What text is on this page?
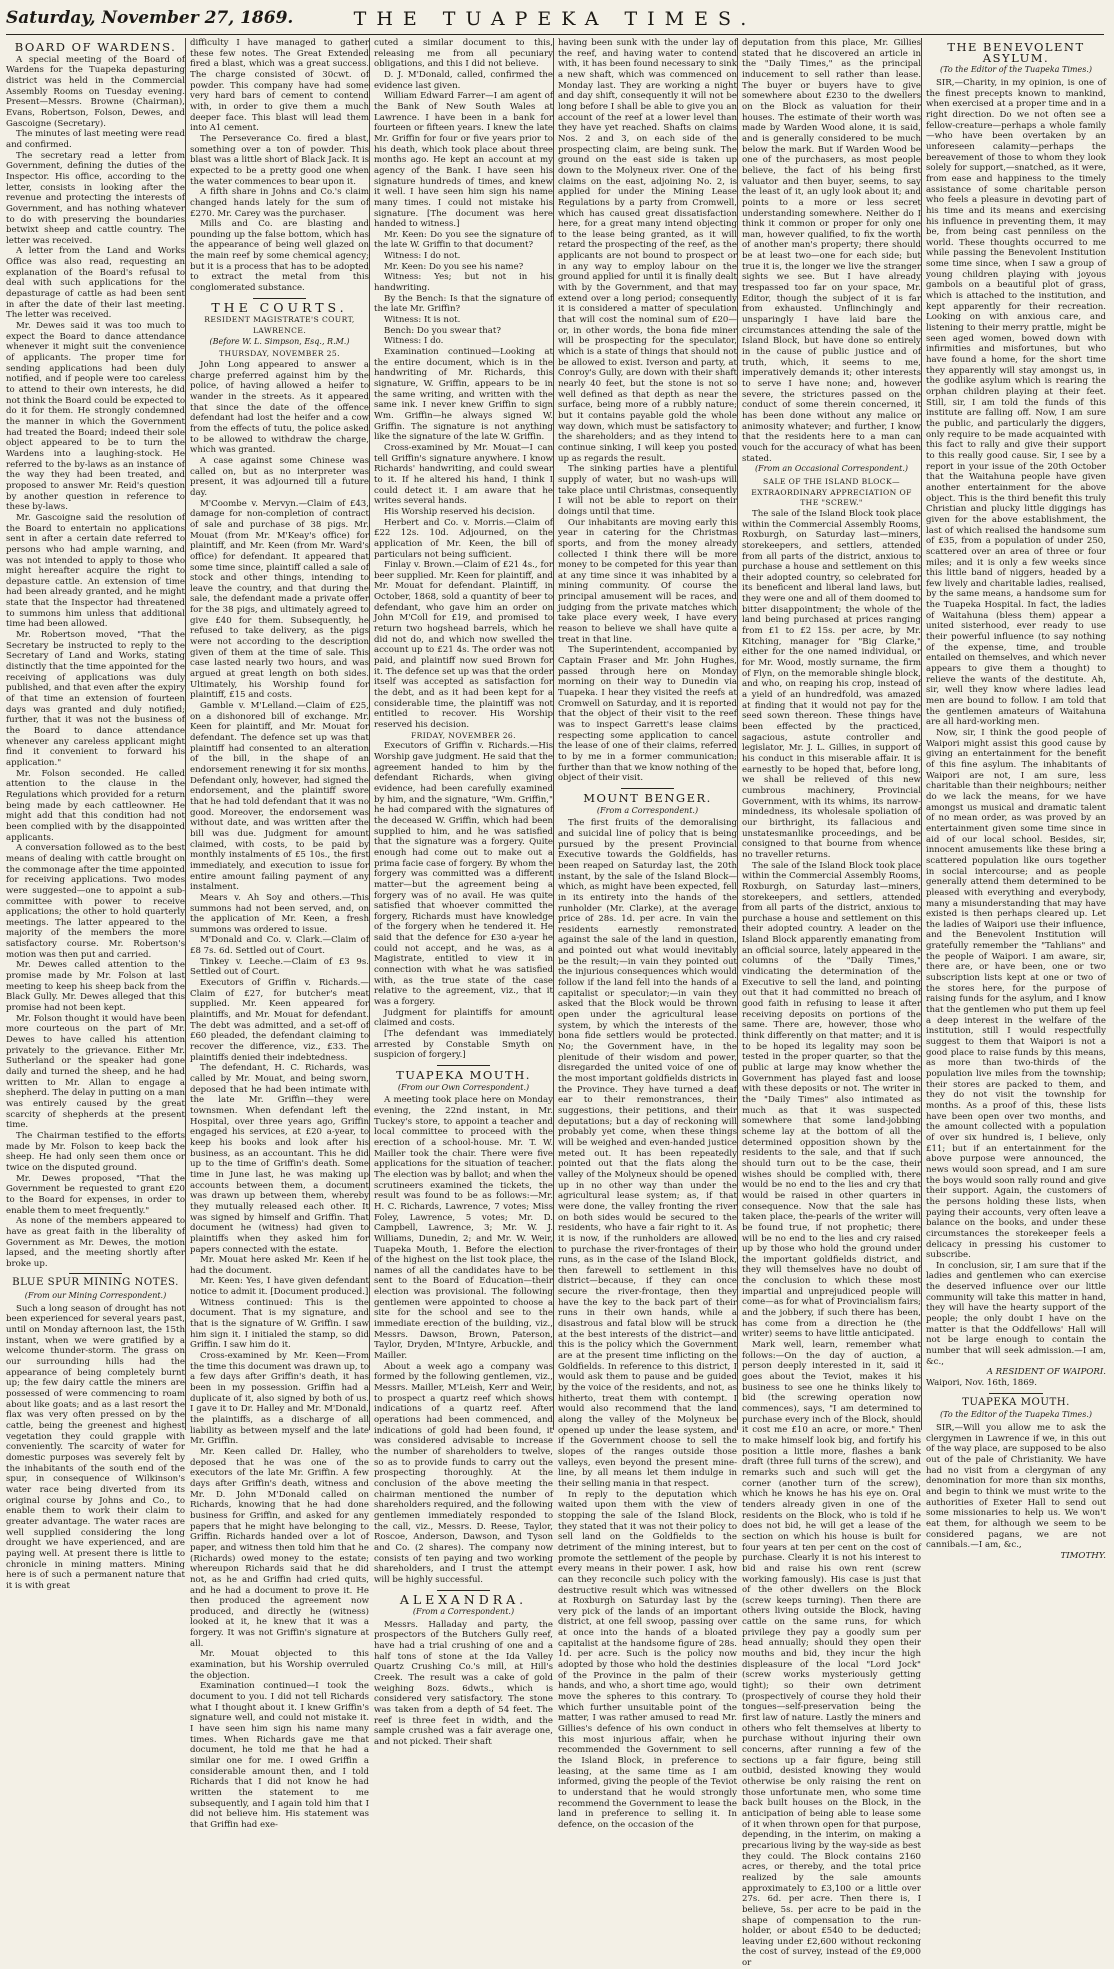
Saturday, November 27, 1869.	THE TUAPEKA TIMES.
BOARD OF WARDENS.

A special meeting of the Board of Wardens for the Tuapeka depasturing district was held in the Commercial Assembly Rooms on Tuesday evening. Present—Messrs. Browne (Chairman), Evans, Robertson, Folson, Dewes, and Gascoigne (Secretary).

The minutes of last meeting were read and confirmed.

The secretary read a letter from Government, defining the duties of the Inspector. His office, according to the letter, consists in looking after the revenue and protecting the interests of Government, and has nothing whatever to do with preserving the boundaries betwixt sheep and cattle country. The letter was received.

A letter from the Land and Works Office was also read, requesting an explanation of the Board's refusal to deal with such applications for the depasturage of cattle as had been sent in after the date of their last meeting. The letter was received.

Mr. Dewes said it was too much to expect the Board to dance attendance whenever it might suit the convenience of applicants. The proper time for sending applications had been duly notified, and if people were too careless to attend to their own interests, he did not think the Board could be expected to do it for them. He strongly condemned the manner in which the Government had treated the Board; indeed their sole object appeared to be to turn the Wardens into a laughing-stock. He referred to the by-laws as an instance of the way they had been treated, and proposed to answer Mr. Reid's question by another question in reference to these by-laws.

Mr. Gascoigne said the resolution of the Board to entertain no applications sent in after a certain date referred to persons who had ample warning, and was not intended to apply to those who might hereafter acquire the right to depasture cattle. An extension of time had been already granted, and he might state that the Inspector had threatened to summons him unless that additional time had been allowed.

Mr. Robertson moved, "That the Secretary be instructed to reply to the Secretary of Land and Works, stating distinctly that the time appointed for the receiving of applications was duly published, and that even after the expiry of that time an extension of fourteen days was granted and duly notified; further, that it was not the business of the Board to dance attendance whenever any careless applicant might find it convenient to forward his application."

Mr. Folson seconded. He called attention to the clause in the Regulations which provided for a return being made by each cattleowner. He might add that this condition had not been complied with by the disappointed applicants.

A conversation followed as to the best means of dealing with cattle brought on the commonage after the time appointed for receiving applications. Two modes were suggested—one to appoint a sub-committee with power to receive applications; the other to hold quarterly meetings. The latter appeared to the majority of the members the more satisfactory course. Mr. Robertson's motion was then put and carried.

Mr. Dewes called attention to the promise made by Mr. Folson at last meeting to keep his sheep back from the Black Gully. Mr. Dewes alleged that this promise had not been kept.

Mr. Folson thought it would have been more courteous on the part of Mr. Dewes to have called his attention privately to the grievance. Either Mr. Sutherland or the speaker had gone daily and turned the sheep, and he had written to Mr. Allan to engage a shepherd. The delay in putting on a man was entirely caused by the great scarcity of shepherds at the present time.

The Chairman testified to the efforts made by Mr. Folson to keep back the sheep. He had only seen them once or twice on the disputed ground.

Mr. Dewes proposed, "That the Government be requested to grant £20 to the Board for expenses, in order to enable them to meet frequently."

As none of the members appeared to have as great faith in the liberality of Government as Mr. Dewes, the motion lapsed, and the meeting shortly after broke up.

BLUE SPUR MINING NOTES.
(From our Mining Correspondent.)

Such a long season of drought has not been experienced for several years past, until on Monday afternoon last, the 15th instant, when we were gratified by a welcome thunder-storm. The grass on our surrounding hills had the appearance of being completely burnt up; the few dairy cattle the miners are possessed of were commencing to roam about like goats; and as a last resort the flax was very often pressed on by the cattle, being the greenest and highest vegetation they could grapple with conveniently. The scarcity of water for domestic purposes was severely felt by the inhabitants of the south end of the spur, in consequence of Wilkinson's water race being diverted from its original course by Johns and Co., to enable them to work their claim to greater advantage. The water races are well supplied considering the long drought we have experienced, and are paying well. At present there is little to chronicle in mining matters. Mining here is of such a permanent nature that it is with great

difficulty I have managed to gather these few notes. The Great Extended fired a blast, which was a great success. The charge consisted of 30cwt. of powder. This company have had some very hard bars of cement to contend with, in order to give them a much deeper face. This blast will lead them into A1 cement.

The Perseverance Co. fired a blast, something over a ton of powder. This blast was a little short of Black Jack. It is expected to be a pretty good one when the water commences to bear upon it.

A fifth share in Johns and Co.'s claim changed hands lately for the sum of £270. Mr. Carey was the purchaser.

Mills and Co. are blasting and pounding up the false bottom, which has the appearance of being well glazed on the main reef by some chemical agency; but it is a process that has to be adopted to extract the metal from this conglomerated substance.

THE COURTS.
RESIDENT MAGISTRATE'S COURT, LAWRENCE.
(Before W. L. Simpson, Esq., R.M.)
THURSDAY, NOVEMBER 25.

John Long appeared to answer a charge preferred against him by the police, of having allowed a heifer to wander in the streets. As it appeared that since the date of the offence defendant had lost the heifer and a cow from the effects of tutu, the police asked to be allowed to withdraw the charge, which was granted.

A case against some Chinese was called on, but as no interpreter was present, it was adjourned till a future day.

M'Coombe v. Mervyn.—Claim of £43, damage for non-completion of contract of sale and purchase of 38 pigs. Mr. Mouat (from Mr. M'Keay's office) for plaintiff, and Mr. Keen (from Mr. Ward's office) for defendant. It appeared that some time since, plaintiff called a sale of stock and other things, intending to leave the country, and that during the sale, the defendant made a private offer for the 38 pigs, and ultimately agreed to give £40 for them. Subsequently, he refused to take delivery, as the pigs were not according to the description given of them at the time of sale. This case lasted nearly two hours, and was argued at great length on both sides. Ultimately, his Worship found for plaintiff, £15 and costs.

Gamble v. M'Lelland.—Claim of £25, on a dishonored bill of exchange. Mr. Keen for plaintiff, and Mr. Mouat for defendant. The defence set up was that plaintiff had consented to an alteration of the bill, in the shape of an endorsement renewing it for six months. Defendant only, however, had signed the endorsement, and the plaintiff swore that he had told defendant that it was no good. Moreover, the endorsement was without date, and was written after the bill was due. Judgment for amount claimed, with costs, to be paid by monthly instalments of £5 10s., the first immediately, and execution to issue for entire amount failing payment of any instalment.

Mears v. Ah Soy and others.—This summons had not been served, and, on the application of Mr. Keen, a fresh summons was ordered to issue.

M'Donald and Co. v. Clark.—Claim of £8 7s. 6d. Settled out of Court.

Tinkey v. Leeche.—Claim of £3 9s. Settled out of Court.

Executors of Griffin v. Richards.—Claim of £27, for butcher's meat supplied. Mr. Keen appeared for plaintiffs, and Mr. Mouat for defendant. The debt was admitted, and a set-off of £60 pleaded, the defendant claiming to recover the difference, viz., £33. The plaintiffs denied their indebtedness.

The defendant, H. C. Richards, was called by Mr. Mouat, and being sworn, deposed that he had been intimate with the late Mr. Griffin—they were townsmen. When defendant left the Hospital, over three years ago, Griffin engaged his services, at £20 a-year, to keep his books and look after his business, as an accountant. This he did up to the time of Griffin's death. Some time in June last, he was making up accounts between them, a document was drawn up between them, whereby they mutually released each other. It was signed by himself and Griffin. That document he (witness) had given to plaintiffs when they asked him for papers connected with the estate.

Mr. Mouat here asked Mr. Keen if he had the document.

Mr. Keen: Yes, I have given defendant notice to admit it. [Document produced.]

Witness continued: This is the document. That is my signature, and that is the signature of W. Griffin. I saw him sign it. I initialed the stamp, so did Griffin. I saw him do it.

Cross-examined by Mr. Keen—From the time this document was drawn up, to a few days after Griffin's death, it has been in my possession. Griffin had a duplicate of it, also signed by both of us. I gave it to Dr. Halley and Mr. M'Donald, the plaintiffs, as a discharge of all liability as between myself and the late Mr. Griffin.

Mr. Keen called Dr. Halley, who deposed that he was one of the executors of the late Mr. Griffin. A few days after Griffin's death, witness and Mr. D. John M'Donald called on Richards, knowing that he had done business for Griffin, and asked for any papers that he might have belonging to Griffin. Richards handed over a lot of paper, and witness then told him that he (Richards) owed money to the estate; whereupon Richards said that he did not, as he and Griffin had cried quits, and he had a document to prove it. He then produced the agreement now produced, and directly he (witness) looked at it, he knew that it was a forgery. It was not Griffin's signature at all.

Mr. Mouat objected to this examination, but his Worship overruled the objection.

Examination continued—I took the document to you. I did not tell Richards what I thought about it. I knew Griffin's signature well, and could not mistake it. I have seen him sign his name many times. When Richards gave me that document, he told me that he had a similar one for me. I owed Griffin a considerable amount then, and I told Richards that I did not know he had written the statement to me subsequently, and I again told him that I did not believe him. His statement was that Griffin had exe-

cuted a similar document to this, releasing me from all pecuniary obligations, and this I did not believe.

D. J. M'Donald, called, confirmed the evidence last given.

William Edward Farrer—I am agent of the Bank of New South Wales at Lawrence. I have been in a bank for fourteen or fifteen years. I knew the late Mr. Griffin for four or five years prior to his death, which took place about three months ago. He kept an account at my agency of the Bank. I have seen his signature hundreds of times, and knew it well. I have seen him sign his name many times. I could not mistake his signature. [The document was here handed to witness.]

Mr. Keen: Do you see the signature of the late W. Griffin to that document?

Witness: I do not.

Mr. Keen: Do you see his name?

Witness: Yes; but not in his handwriting.

By the Bench: Is that the signature of the late Mr. Griffin?

Witness: It is not.

Bench: Do you swear that?

Witness: I do.

Examination continued—Looking at the entire document, which is in the handwriting of Mr. Richards, this signature, W. Griffin, appears to be in the same writing, and written with the same ink. I never knew Griffin to sign Wm. Griffin—he always signed W. Griffin. The signature is not anything like the signature of the late W. Griffin.

Cross-examined by Mr. Mouat—I can tell Griffin's signature anywhere. I know Richards' handwriting, and could swear to it. If he altered his hand, I think I could detect it. I am aware that he writes several hands.

His Worship reserved his decision.

Herbert and Co. v. Morris.—Claim of £22 12s. 10d. Adjourned, on the application of Mr. Keen, the bill of particulars not being sufficient.

Finlay v. Brown.—Claim of £21 4s., for beer supplied. Mr. Keen for plaintiff, and Mr. Mouat for defendant. Plaintiff, in October, 1868, sold a quantity of beer to defendant, who gave him an order on John M'Coll for £19, and promised to return two hogshead barrels, which he did not do, and which now swelled the account up to £21 4s. The order was not paid, and plaintiff now sued Brown for it. The defence set up was that the order itself was accepted as satisfaction for the debt, and as it had been kept for a considerable time, the plaintiff was not entitled to recover. His Worship reserved his decision.

FRIDAY, NOVEMBER 26.

Executors of Griffin v. Richards.—His Worship gave judgment. He said that the agreement handed to him by the defendant Richards, when giving evidence, had been carefully examined by him, and the signature, "Wm. Griffin," he had compared with the signatures of the deceased W. Griffin, which had been supplied to him, and he was satisfied that the signature was a forgery. Quite enough had come out to make out a prima facie case of forgery. By whom the forgery was committed was a different matter—but the agreement being a forgery was of no avail. He was quite satisfied that whoever committed the forgery, Richards must have knowledge of the forgery when he tendered it. He said that the defence for £30 a-year he could not accept, and he was, as a Magistrate, entitled to view it in connection with what he was satisfied with, as the true state of the case relative to the agreement, viz., that it was a forgery.

Judgment for plaintiffs for amount claimed and costs.

[The defendant was immediately arrested by Constable Smyth on suspicion of forgery.]

TUAPEKA MOUTH.
(From our Own Correspondent.)

A meeting took place here on Monday evening, the 22nd instant, in Mr. Tuckey's store, to appoint a teacher and local committee to proceed with the erection of a school-house. Mr. T. W. Mailler took the chair. There were five applications for the situation of teacher. The election was by ballot; and when the scrutineers examined the tickets, the result was found to be as follows:—Mr. H. C. Richards, Lawrence, 7 votes; Miss Foley, Lawrence, 5 votes; Mr. D. Campbell, Lawrence, 3; Mr. W. J. Williams, Dunedin, 2; and Mr. W. Weir, Tuapeka Mouth, 1. Before the election of the highest on the list took place, the names of all the candidates have to be sent to the Board of Education—their election was provisional. The following gentlemen were appointed to choose a site for the school and see to the immediate erection of the building, viz., Messrs. Dawson, Brown, Paterson, Taylor, Dryden, M'Intyre, Arbuckle, and Mailler.

About a week ago a company was formed by the following gentlemen, viz., Messrs. Mailler, M'Leish, Kerr and Weir, to prospect a quartz reef which shows indications of a quartz reef. After operations had been commenced, and indications of gold had been found, it was considered advisable to increase the number of shareholders to twelve, so as to provide funds to carry out the prospecting thoroughly. At the conclusion of the above meeting the chairman mentioned the number of shareholders required, and the following gentlemen immediately responded to the call, viz., Messrs. D. Reese, Taylor, Roscoe, Anderson, Dawson, and Tyson and Co. (2 shares). The company now consists of ten paying and two working shareholders, and I trust the attempt will be highly successful.

ALEXANDRA.
(From a Correspondent.)

Messrs. Halladay and party, the prospectors of the Butchers Gully reef, have had a trial crushing of one and a half tons of stone at the Ida Valley Quartz Crushing Co.'s mill, at Hill's Creek. The result was a cake of gold weighing 8ozs. 6dwts., which is considered very satisfactory. The stone was taken from a depth of 54 feet. The reef is three feet in width, and the sample crushed was a fair average one, and not picked. Their shaft

having been sunk with the under lay of the reef, and having water to contend with, it has been found necessary to sink a new shaft, which was commenced on Monday last. They are working a night and day shift, consequently it will not be long before I shall be able to give you an account of the reef at a lower level than they have yet reached. Shafts on claims Nos. 2 and 3, on each side of the prospecting claim, are being sunk. The ground on the east side is taken up down to the Molyneux river. One of the claims on the east, adjoining No. 2, is applied for under the Mining Lease Regulations by a party from Cromwell, which has caused great dissatisfaction here, for a great many intend objecting to the lease being granted, as it will retard the prospecting of the reef, as the applicants are not bound to prospect or in any way to employ labour on the ground applied for until it is finally dealt with by the Government, and that may extend over a long period; consequently it is considered a matter of speculation that will cost the nominal sum of £20—or, in other words, the bona fide miner will be prospecting for the speculator, which is a state of things that should not be allowed to exist. Iverson and party, at Conroy's Gully, are down with their shaft nearly 40 feet, but the stone is not so well defined as that depth as near the surface, being more of a rubbly nature; but it contains payable gold the whole way down, which must be satisfactory to the shareholders; and as they intend to continue sinking, I will keep you posted up as regards the result.

The sinking parties have a plentiful supply of water, but no wash-ups will take place until Christmas, consequently I will not be able to report on their doings until that time.

Our inhabitants are moving early this year in catering for the Christmas sports, and from the money already collected I think there will be more money to be competed for this year than at any time since it was inhabited by a mining community. Of course the principal amusement will be races, and judging from the private matches which take place every week, I have every reason to believe we shall have quite a treat in that line.

The Superintendent, accompanied by Captain Fraser and Mr. John Hughes, passed through here on Monday morning on their way to Dunedin via Tuapeka. I hear they visited the reefs at Cromwell on Saturday, and it is reported that the object of their visit to the reef was to inspect Garrett's lease claims respecting some application to cancel the lease of one of their claims, referred to by me in a former communication; further than that we know nothing of the object of their visit.

MOUNT BENGER.
(From a Correspondent.)

The first fruits of the demoralising and suicidal line of policy that is being pursued by the present Provincial Executive towards the Goldfields, has been reaped on Saturday last, the 20th instant, by the sale of the Island Block—which, as might have been expected, fell in its entirety into the hands of the runholder (Mr. Clarke), at the average price of 28s. 1d. per acre. In vain the residents earnestly remonstrated against the sale of the land in question, and pointed out what would inevitably be the result;—in vain they pointed out the injurious consequences which would follow if the land fell into the hands of a capitalist or speculator;—in vain they asked that the Block would be thrown open under the agricultural lease system, by which the interests of the bona fide settlers would be protected. No; the Government have, in the plenitude of their wisdom and power, disregarded the united voice of one of the most important goldfields districts in the Province. They have turned a deaf ear to their remonstrances, their suggestions, their petitions, and their deputations; but a day of reckoning will probably yet come, when these things will be weighed and even-handed justice meted out. It has been repeatedly pointed out that the flats along the valley of the Molyneux should be opened up in no other way than under the agricultural lease system; as, if that were done, the valley fronting the river on both sides would be secured to the residents, who have a fair right to it. As it is now, if the runholders are allowed to purchase the river-frontages of their runs, as in the case of the Island Block, then farewell to settlement in this district—because, if they can once secure the river-frontage, then they have the key to the back part of their runs in their own hands, while a disastrous and fatal blow will be struck at the best interests of the district—and this is the policy which the Government are at the present time inflicting on the Goldfields. In reference to this district, I would ask them to pause and be guided by the voice of the residents, and not, as hitherto, treat them with contempt. I would also recommend that the land along the valley of the Molyneux be opened up under the lease system, and if the Government choose to sell the slopes of the ranges outside those valleys, even beyond the present mine-line, by all means let them indulge in their selling mania in that respect.

In reply to the deputation which waited upon them with the view of stopping the sale of the Island Block, they stated that it was not their policy to sell land on the Goldfields to the detriment of the mining interest, but to promote the settlement of the people by every means in their power. I ask, how can they reconcile such policy with the destructive result which was witnessed at Roxburgh on Saturday last by the very pick of the lands of an important district, at one fell swoop, passing over at once into the hands of a bloated capitalist at the handsome figure of 28s. 1d. per acre. Such is the policy now adopted by those who hold the destinies of the Province in the palm of their hands, and who, a short time ago, would move the spheres to this contrary. To which further unsuitable point of the matter, I was rather amused to read Mr. Gillies's defence of his own conduct in this most injurious affair, when he recommended the Government to sell the Island Block, in preference to leasing, at the same time as I am informed, giving the people of the Teviot to understand that he would strongly recommend the Government to lease the land in preference to selling it. In defence, on the occasion of the

deputation from this place, Mr. Gillies stated that he discovered an article in the "Daily Times," as the principal inducement to sell rather than lease. The buyer or buyers have to give somewhere about £230 to the dwellers on the Block as valuation for their houses. The estimate of their worth was made by Warden Wood alone, it is said, and is generally considered to be much below the mark. But if Warden Wood be one of the purchasers, as most people believe, the fact of his being first valuator and then buyer, seems, to say the least of it, an ugly look about it; and points to a more or less secret understanding somewhere. Neither do I think it common or proper for only one man, however qualified, to fix the worth of another man's property; there should be at least two—one for each side; but true it is, the longer we live the stranger sights we see. But I have already trespassed too far on your space, Mr. Editor, though the subject of it is far from exhausted. Unflinchingly and unsparingly I have laid bare the circumstances attending the sale of the Island Block, but have done so entirely in the cause of public justice and of truth, which, it seems to me, imperatively demands it; other interests to serve I have none; and, however severe, the strictures passed on the conduct of some therein concerned, it has been done without any malice or animosity whatever; and further, I know that the residents here to a man can vouch for the accuracy of what has been stated.

(From an Occasional Correspondent.)
SALE OF THE ISLAND BLOCK—EXTRAORDINARY APPRECIATION OF THE "SCREW."

The sale of the Island Block took place within the Commercial Assembly Rooms, Roxburgh, on Saturday last—miners, storekeepers, and settlers, attended from all parts of the district, anxious to purchase a house and settlement on this their adopted country, so celebrated for its beneficent and liberal land laws, but they were one and all of them doomed to bitter disappointment; the whole of the land being purchased at prices ranging from £1 to £2 15s. per acre, by Mr. Kitching, manager for "Big Clarke," either for the one named individual, or for Mr. Wood, mostly surname, the firm of Flyn, on the memorable shingle block, and who, on reaping his crop, instead of a yield of an hundredfold, was amazed at finding that it would not pay for the seed sown thereon. These things have been effected by the practiced, sagacious, astute controller and legislator, Mr. J. L. Gillies, in support of his conduct in this miserable affair. It is earnestly to be hoped that, before long, we shall be relieved of this new cumbrous machinery, Provincial Government, with its whims, its narrow-mindedness, its wholesale spoliation of our birthright, its fallacious and unstatesmanlike proceedings, and be consigned to that bourne from whence no traveller returns.

The sale of the Island Block took place within the Commercial Assembly Rooms, Roxburgh, on Saturday last—miners, storekeepers, and settlers, attended from all parts of the district, anxious to purchase a house and settlement on this their adopted country. A leader on the Island Block apparently emanating from an official source, lately appeared in the columns of the "Daily Times," vindicating the determination of the Executive to sell the land, and pointing out that it had committed no breach of good faith in refusing to lease it after receiving deposits on portions of the same. There are, however, those who think differently on that matter; and it is to be hoped its legality may soon be tested in the proper quarter, so that the public at large may know whether the Government has played fast and loose with these deposits or not. The writer in the "Daily Times" also intimated as much as that it was suspected somewhere that some land-jobbing scheme lay at the bottom of all the determined opposition shown by the residents to the sale, and that if such should turn out to be the case, their wishes should be complied with, there would be no end to the lies and cry that would be raised in other quarters in consequence. Now that the sale has taken place, the-pearls of the writer will be found true, if not prophetic; there will be no end to the lies and cry raised up by those who hold the ground under the important goldfields district, and they will themselves have no doubt of the conclusion to which these most impartial and unprejudiced people will come—as for what of Provincialism fairs; and the jobbery, if such there has been, has come from a direction he (the writer) seems to have little anticipated.

Mark well, learn, remember what follows:—On the day of auction, a person deeply interested in it, said it goes about the Teviot, makes it his business to see one he thinks likely to bid (the screwing operation now commences), says, "I am determined to purchase every inch of the Block, should it cost me £10 an acre, or more." Then to make himself look big, and fortify his position a little more, flashes a bank draft (three full turns of the screw), and remarks such and such will get the corner (another turn of the screw), which he knows he has his eye on. Oral tenders already given in one of the residents on the Block, who is told if he does not bid, he will get a lease of the section on which his house is built for four years at ten per cent on the cost of purchase. Clearly it is not his interest to bid and raise his own rent (screw working famously). His case is just that of the other dwellers on the Block (screw keeps turning). Then there are others living outside the Block, having cattle on the same runs, for which privilege they pay a goodly sum per head annually; should they open their mouths and bid, they incur the high displeasure of the local "Lord Jock" (screw works mysteriously getting tight); so their own detriment (prospectively of course they hold their tongues—self-preservation being the first law of nature. Lastly the miners and others who felt themselves at liberty to purchase without injuring their own concerns, after running a few of the sections up a fair figure, being still outbid, desisted knowing they would otherwise be only raising the rent on those unfortunate men, who some time back built houses on the Block, in the anticipation of being able to lease some of it when thrown open for that purpose, depending, in the interim, on making a precarious living by the way-side as best they could. The Block contains 2160 acres, or thereby, and the total price realized by the sale amounts approximately to £3,100 or a little over 27s. 6d. per acre. Then there is, I believe, 5s. per acre to be paid in the shape of compensation to the run-holder, or about £540 to be deducted; leaving under £2,600 without reckoning the cost of survey, instead of the £9,000 or

THE BENEVOLENT ASYLUM.
(To the Editor of the Tuapeka Times.)

SIR,—Charity, in my opinion, is one of the finest precepts known to mankind, when exercised at a proper time and in a right direction. Do we not often see a fellow-creature—perhaps a whole family—who have been overtaken by an unforeseen calamity—perhaps the bereavement of those to whom they look solely for support,—snatched, as it were, from ease and happiness to the timely assistance of some charitable person who feels a pleasure in devoting part of his time and its means and exercising his influence in preventing them, it may be, from being cast penniless on the world. These thoughts occurred to me while passing the Benevolent Institution some time since, when I saw a group of young children playing with joyous gambols on a beautiful plot of grass, which is attached to the institution, and kept apparently for their recreation. Looking on with anxious care, and listening to their merry prattle, might be seen aged women, bowed down with infirmities and misfortunes, but who have found a home, for the short time they apparently will stay amongst us, in the godlike asylum which is rearing the orphan children playing at their feet. Still, sir, I am told the funds of this institute are falling off. Now, I am sure the public, and particularly the diggers, only require to be made acquainted with this fact to rally and give their support to this really good cause. Sir, I see by a report in your issue of the 20th October that the Waitahuna people have given another entertainment for the above object. This is the third benefit this truly Christian and plucky little diggings has given for the above establishment, the last of which realised the handsome sum of £35, from a population of under 250, scattered over an area of three or four miles; and it is only a few weeks since this little band of niggers, headed by a few lively and charitable ladies, realised, by the same means, a handsome sum for the Tuapeka Hospital. In fact, the ladies of Waitahuna (bless them) appear a united sisterhood, ever ready to use their powerful influence (to say nothing of the expense, time, and trouble entailed on themselves, and which never appears to give them a thought) to relieve the wants of the destitute. Ah, sir, well they know where ladies lead men are bound to follow. I am told that the gentlemen amateurs of Waitahuna are all hard-working men.

Now, sir, I think the good people of Waipori might assist this good cause by giving an entertainment for the benefit of this fine asylum. The inhabitants of Waipori are not, I am sure, less charitable than their neighbours; neither do we lack the means, for we have amongst us musical and dramatic talent of no mean order, as was proved by an entertainment given some time since in aid of our local school. Besides, sir, innocent amusements like these bring a scattered population like ours together in social intercourse; and as people generally attend them determined to be pleased with everything and everybody, many a misunderstanding that may have existed is then perhaps cleared up. Let the ladies of Waipori use their influence, and the Benevolent Institution will gratefully remember the "Tahlians" and the people of Waipori. I am aware, sir, there are, or have been, one or two subscription lists kept at one or two of the stores here, for the purpose of raising funds for the asylum, and I know that the gentlemen who put them up feel a deep interest in the welfare of the institution, still I would respectfully suggest to them that Waipori is not a good place to raise funds by this means, as more than two-thirds of the population live miles from the township; their stores are packed to them, and they do not visit the township for months. As a proof of this, these lists have been open over two months, and the amount collected with a population of over six hundred is, I believe, only £11; but if an entertainment for the above purpose were announced, the news would soon spread, and I am sure the boys would soon rally round and give their support. Again, the customers of the persons holding these lists, when paying their accounts, very often leave a balance on the books, and under these circumstances the storekeeper feels a delicacy in pressing his customer to subscribe.

In conclusion, sir, I am sure that if the ladies and gentlemen who can exercise the deserved influence over our little community will take this matter in hand, they will have the hearty support of the people; the only doubt I have on the matter is that the Oddfellows' Hall will not be large enough to contain the number that will seek admission.—I am, &c.,

A RESIDENT OF WAIPORI.
Waipori, Nov. 16th, 1869.
TUAPEKA MOUTH.
(To the Editor of the Tuapeka Times.)

SIR,—Will you allow me to ask the clergymen in Lawrence if we, in this out of the way place, are supposed to be also out of the pale of Christianity. We have had no visit from a clergyman of any denomination for more than six months, and begin to think we must write to the authorities of Exeter Hall to send out some missionaries to help us. We won't eat them, for although we seem to be considered pagans, we are not cannibals.—I am, &c.,

TIMOTHY.
